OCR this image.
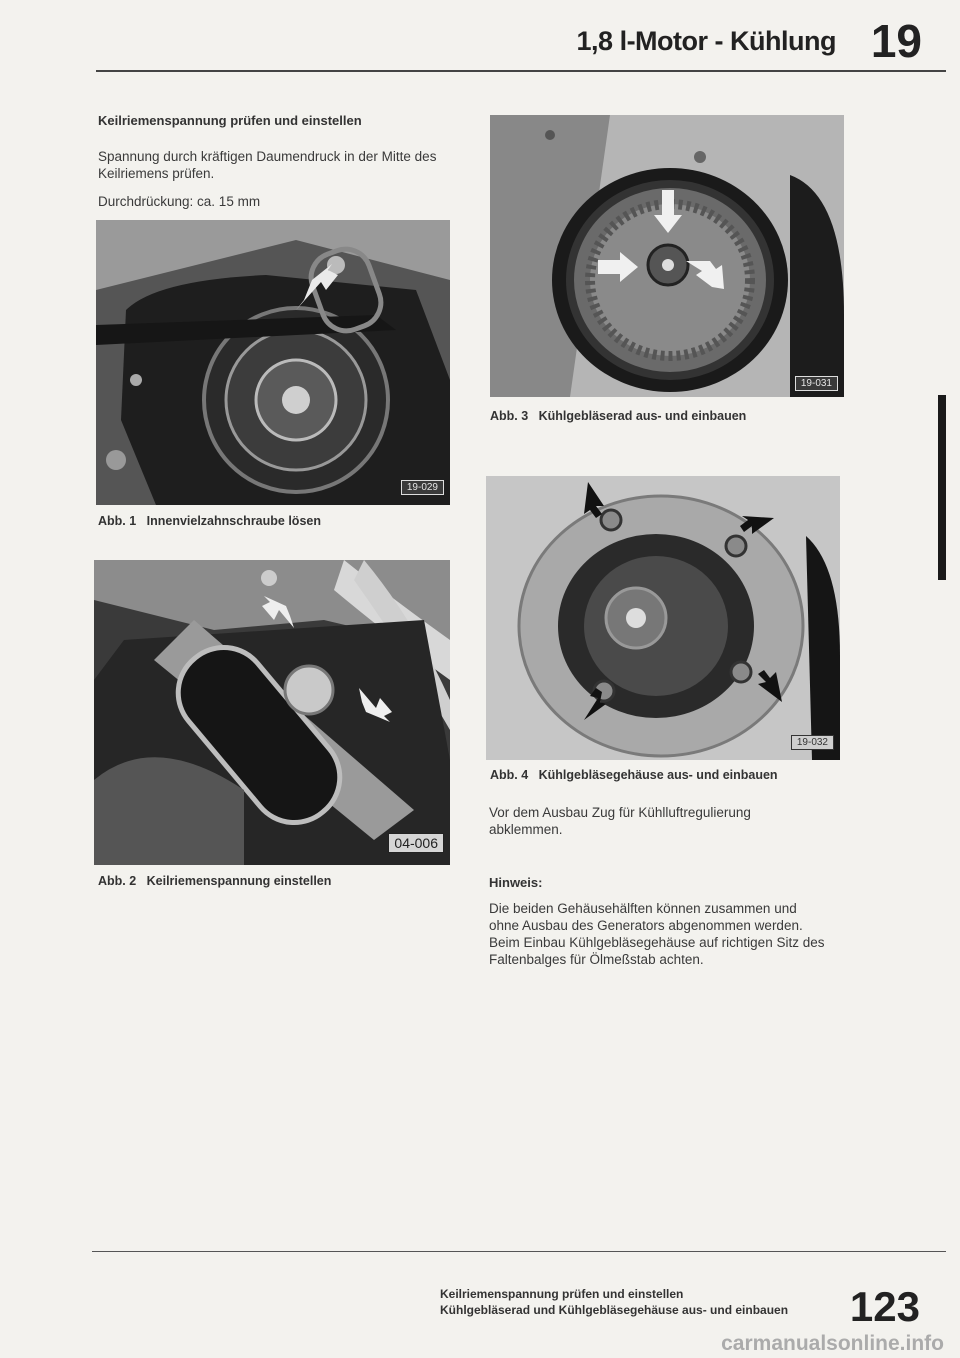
1,8 l-Motor - Kühlung 19
Keilriemenspannung prüfen und einstellen
Spannung durch kräftigen Daumendruck in der Mitte des Keilriemens prüfen.
Durchdrückung: ca. 15 mm
19-029
Abb. 1 Innenvielzahnschraube lösen
04-006
Abb. 2 Keilriemenspannung einstellen
19-031
Abb. 3 Kühlgebläserad aus- und einbauen
19-032
Abb. 4 Kühlgebläsegehäuse aus- und einbauen
Vor dem Ausbau Zug für Kühlluftregulierung abklemmen.
Hinweis:
Die beiden Gehäusehälften können zusammen und ohne Ausbau des Generators abgenommen werden. Beim Einbau Kühlgebläsegehäuse auf richtigen Sitz des Faltenbalges für Ölmeßstab achten.
Keilriemenspannung prüfen und einstellen
Kühlgebläserad und Kühlgebläsegehäuse aus- und einbauen 123
carmanualsonline.info
